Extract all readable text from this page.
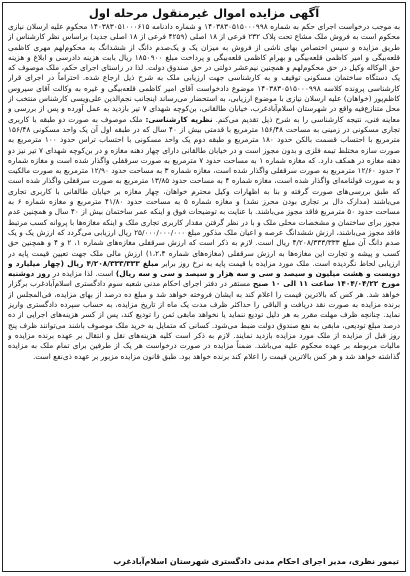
آگهی مزایده اموال غیرمنقول مرحله اول

به موجب درخواست اجرای حکم به شماره ۱۴۰۳۸۳۰۵۱۵۰۰۰۹۹۸ و شماره دادنامه ۱۴۰۳۸۳۰۵۱۰۰۰۶۱۵ محکوم علیه ارسلان نیازی محکوم است به فروش ملک مشاع تحت پلاک ۲۳۲ فرعی از ۱۸ اصلی (۴۲۵۹ فرعی از ۱۸ اصلی جدید) براساس نظر کارشناس از طریق مزایده و سپس اختصاص بهای ناشی از فروش به میزان یک و یک‌صدم دانگ از ششدانگ به محکوم‌لهم مهری کاظمی قلعه‌بیگی و امیر کاظمی قلعه‌بیگی و بهرام کاظمی قلعه‌بیگی و پرداخت مبلغ ۱۸۵۰۹۰۰ ریال بابت هزینه دادرسی و ابلاغ و هزینه حق الوکاله وکیل در حق محکوم‌لهم و همچنین نیم‌عشر دولتی در حق صندوق دولت. لذا در راستای اجرای حکم، ملک موصوف که یک دستگاه ساختمان مسکونی توقیف و به کارشناسی جهت ارزیابی ملک به شرح ذیل ارجاع شده. احتراماً در اجرای قرار کارشناسی پرونده کلاسه ۱۴۰۳۸۳۰۵۱۵۰۰۰۹۹۸ موضوع دادخواست آقای امیر کاظمی قلعه‌بیگی و غیره به وکالت آقای سیروس کاظم‌پور (خواهان) علیه ارسلان نیازی با موضوع ارزیابی، به استحضار می‌رساند اینجانب نجم‌الدین علی‌ویسی کارشناس منتخب از محل متنازع‌فیه واقع در شهرستان اسلام‌آبادغرب، خیابان طالقانی، بن‌کوچه شهدای ۷ تیر بازدید به عمل آورده و پس از بررسی و معاینه فنی، نتیجه کارشناسی را به شرح ذیل تقدیم می‌کنم. نظریه کارشناسی: ملک موصوف به صورت دو طبقه با کاربری تجاری مسکونی در زمینی به مساحت ۱۵۶/۴۸ مترمربع با قدمتی بیش از ۴۰ سال که در طبقه اول آن یک واحد مسکونی ۱۵۶/۴۸ مترمربع با احتساب قسمت بالکن حدود ۱۸۰ مترمربع و طبقه دوم یک واحد مسکونی با احتساب تراس حدود ۱۰۰ مترمربع به صورت سازه مختلط تیمه فلزی و بدون مجوز است و در خیابان طالقانی دارای چهار دهنه مغازه و در بن‌کوچه شهدای ۷ تیر نیز دو دهنه مغازه در همکف دارد. که مغازه شماره ۱ به مساحت حدود ۷ مترمربع به صورت سرقفلی واگذار شده است و مغازه شماره ۲ حدود ۱۲/۶۰ مترمربع به صورت سرقفلی واگذار شده است، مغازه شماره ۳ به مساحت حدود ۱۲/۹۰ مترمربع به صورت مالکیت و به صورت قولنامه‌ای واگذار شده است، مغازه شماره ۴ به مساحت حدود ۱۳/۸۵ مترمربع به صورت سرقفلی واگذار شده است که طبق بررسی‌های صورت گرفته و بنا به اظهارات وکیل محترم خواهان، چهار مغازه بر خیابان طالقانی با کاربری تجاری می‌باشند (مدارک دال بر تجاری بودن محرز نشد) و مغازه شماره ۵ به مساحت حدود ۴۱/۸۰ مترمربع و مغازه شماره ۶ به مساحت حدود ۵۰ مترمربع فاقد مجوز می‌باشند. با عنایت به توضیحات فوق و اینکه عمر ساختمان بیش از ۴۰ سال و همچنین عدم مجوز برای ساختمان و مشخصات محلی ملک و با در نظر گرفتن مقدار کاربری تجاری ملک و اینکه مغازه‌ها با پروانه کسب مرتبط فاقد مجوز می‌باشند، ارزش ششدانگ عرصه و اعیان ملک مذکور مبلغ ۲۵/۰۰۰/۰۰۰/۰۰۰ ریال ارزیابی می‌گردد که ارزش یک و یک صدم دانگ آن مبلغ ۴/۲۰۸/۳۳۳/۳۳۳ ریال است. لازم به ذکر است که ارزش سرقفلی مغازه‌های شماره ۱، ۲ و ۴ و همچنین حق کسب و پیشه و تجارت این مغازه‌ها به ارزش سرقفلی (مغازه‌های شماره ۱،۲،۴) ارزش مالی ملک جهت تعیین قیمت پایه در ارزیابی لحاظ نگردیده است. ملک مورد مزایده با قیمت پایه به نرخ روز برابر مبلغ ۴/۲۰۸/۳۳۳/۳۳۳ ریال (چهار میلیارد و دویست و هشت میلیون و سیصد و سی و سه هزار و سیصد و سی و سه ریال) است. لذا مزایده در روز دوشنبه مورخ ۱۴۰۴/۰۴/۲۲ ساعت ۱۱ الی ۱۰ صبح مستقر در دفتر اجرای احکام مدنی شعبه سوم دادگستری اسلام‌آبادغرب برگزار خواهد شد. هر کس که بالاترین قیمت را اعلام کند به ایشان فروخته خواهد شد و مبلغ ده درصد از بهای مزایده، فی‌المجلس از برنده مزایده به صورت نقد دریافت و الباقی را حداکثر ظرف مدت یک ماه از تاریخ مزایده، به حساب سپرده دادگستری واریز نماید. چنانچه ظرف مهلت مقرر به هر دلیل تودیع ننماید یا نخواهد مابقی ثمن را تودیع کند، پس از کسر هزینه‌های اجرایی از ده درصد مبلغ تودیعی، مابقی به نفع صندوق دولت ضبط می‌شود. کسانی که متمایل به خرید ملک موصوف باشند می‌توانند ظرف پنج روز قبل از مزایده از ملک مورد مزایده بازدید نمایند. لازم به ذکر است کلیه هزینه‌های نقل و انتقال بر عهده برنده مزایده و مالیات مربوطه بر عهده محکوم علیه می‌باشد. ضمناً مزایده در صورت درخواست هر یک از طرفین برای تمام ملک به مزایده گذاشته خواهد شد و هر کس بالاترین قیمت را اعلام کند برنده خواهد بود. طبق قانون مزایده مزبور بر عهده ذی‌نفع است.

تیمور نظری، مدیر اجرای احکام مدنی دادگستری شهرستان اسلام‌آبادغرب
